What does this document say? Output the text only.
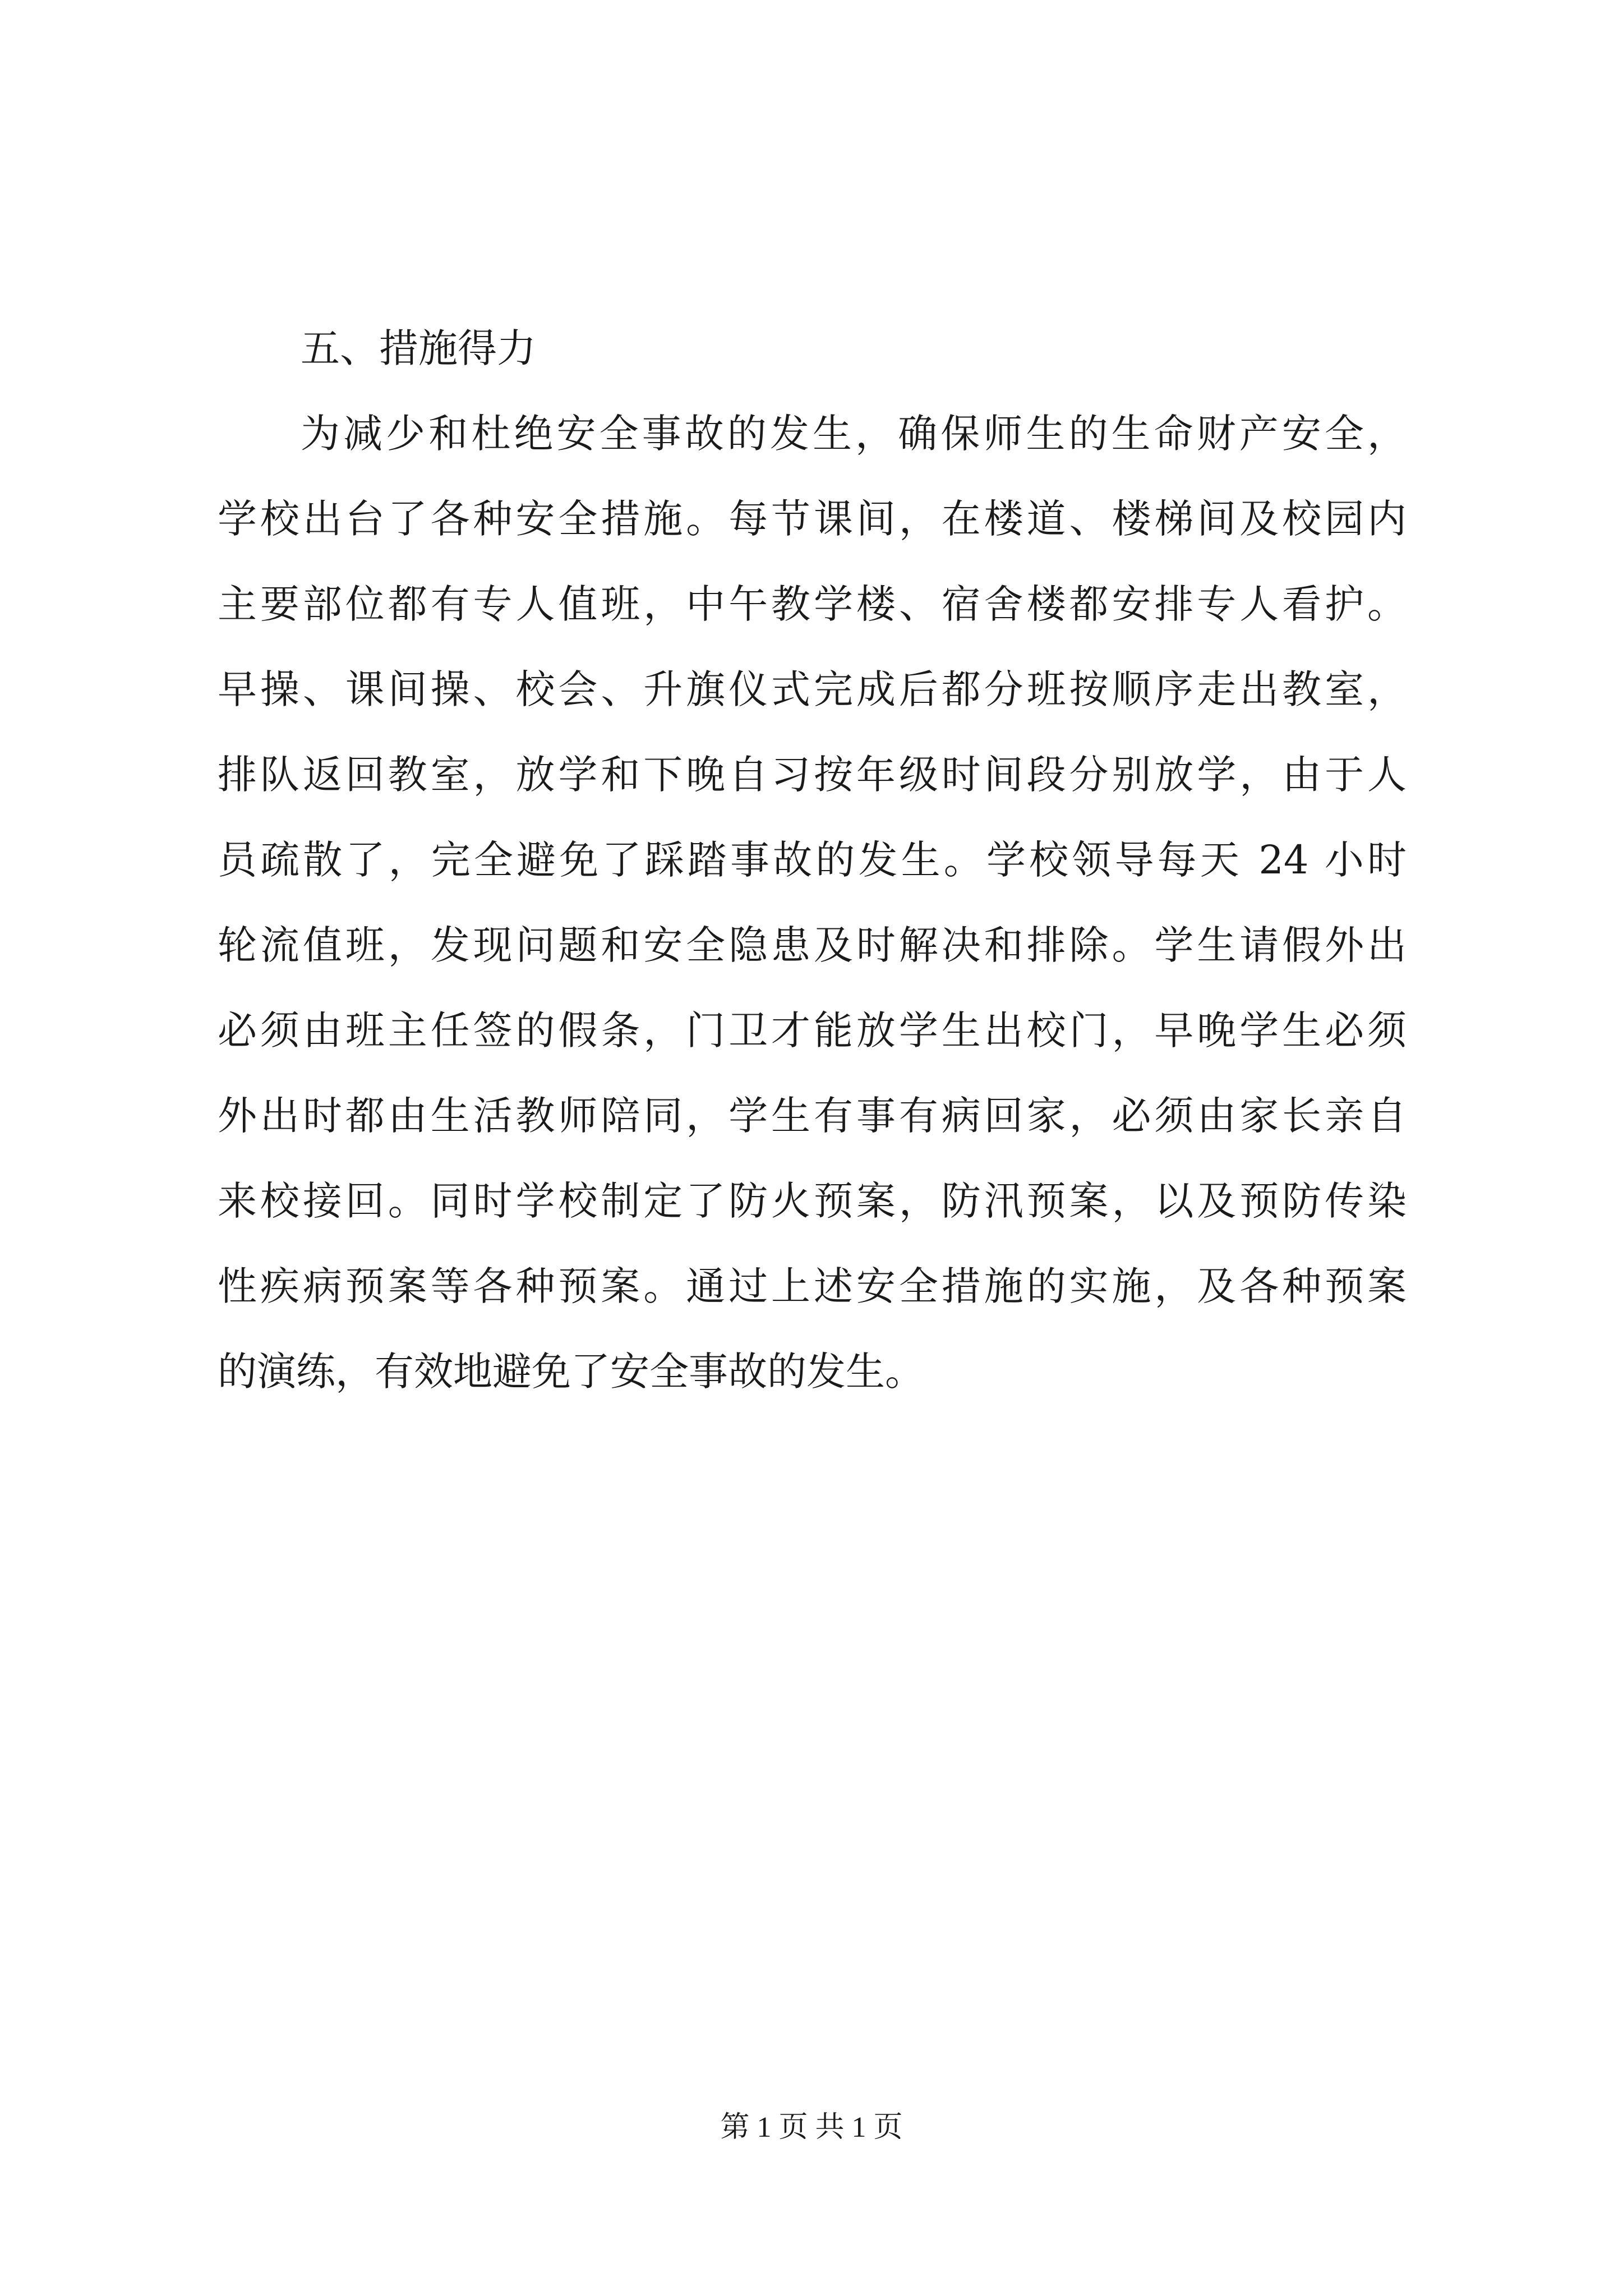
五、措施得力
为减少和杜绝安全事故的发生，确保师生的生命财产安全，
学校出台了各种安全措施。每节课间，在楼道、楼梯间及校园内
主要部位都有专人值班，中午教学楼、宿舍楼都安排专人看护。
早操、课间操、校会、升旗仪式完成后都分班按顺序走出教室，
排队返回教室，放学和下晚自习按年级时间段分别放学，由于人
员疏散了，完全避免了踩踏事故的发生。学校领导每天 24 小时
轮流值班，发现问题和安全隐患及时解决和排除。学生请假外出
必须由班主任签的假条，门卫才能放学生出校门，早晚学生必须
外出时都由生活教师陪同，学生有事有病回家，必须由家长亲自
来校接回。同时学校制定了防火预案，防汛预案，以及预防传染
性疾病预案等各种预案。通过上述安全措施的实施，及各种预案
的演练，有效地避免了安全事故的发生。
第 1 页 共 1 页
